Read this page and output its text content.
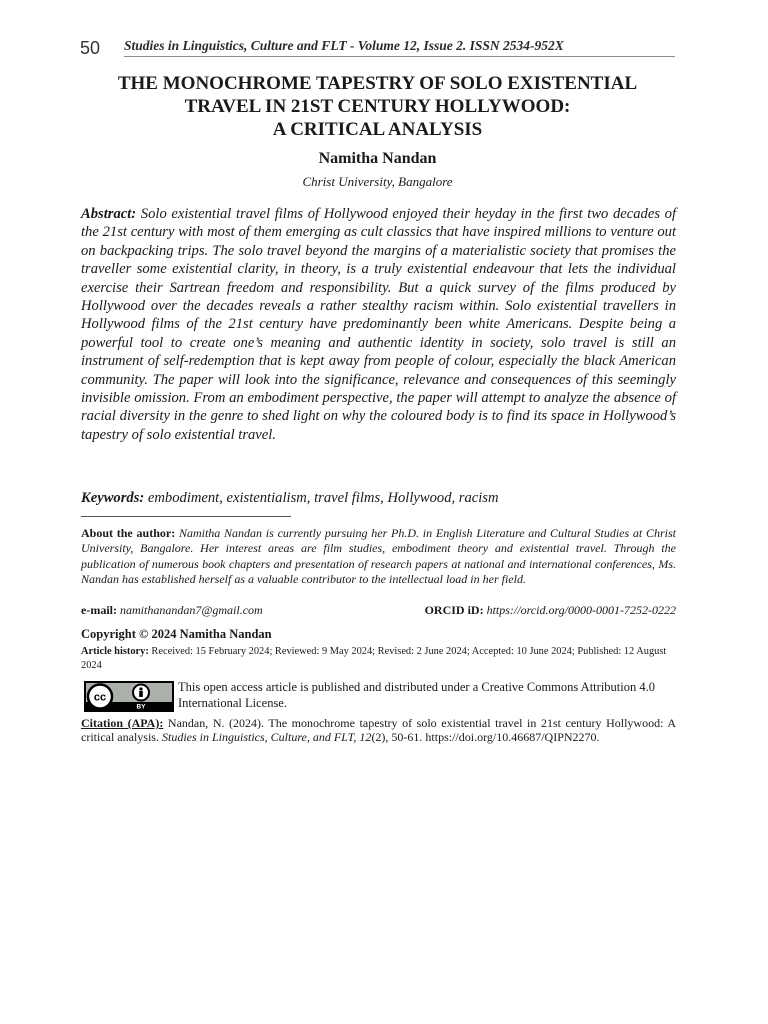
50 Studies in Linguistics, Culture and FLT - Volume 12, Issue 2. ISSN 2534-952X
THE MONOCHROME TAPESTRY OF SOLO EXISTENTIAL
TRAVEL IN 21ST CENTURY HOLLYWOOD:
A CRITICAL ANALYSIS
Namitha Nandan
Christ University, Bangalore
Abstract: Solo existential travel films of Hollywood enjoyed their heyday in the first two decades of the 21st century with most of them emerging as cult classics that have inspired millions to venture out on backpacking trips. The solo travel beyond the margins of a materialistic society that promises the traveller some existential clarity, in theory, is a truly existential endeavour that lets the individual exercise their Sartrean freedom and responsibility. But a quick survey of the films produced by Hollywood over the decades reveals a rather stealthy racism within. Solo existential travellers in Hollywood films of the 21st century have predominantly been white Americans. Despite being a powerful tool to create one’s meaning and authentic identity in society, solo travel is still an instrument of self-redemption that is kept away from people of colour, especially the black American community. The paper will look into the significance, relevance and consequences of this seemingly invisible omission. From an embodiment perspective, the paper will attempt to analyze the absence of racial diversity in the genre to shed light on why the coloured body is to find its space in Hollywood’s tapestry of solo existential travel.
Keywords: embodiment, existentialism, travel films, Hollywood, racism
About the author: Namitha Nandan is currently pursuing her Ph.D. in English Literature and Cultural Studies at Christ University, Bangalore. Her interest areas are film studies, embodiment theory and existential travel. Through the publication of numerous book chapters and presentation of research papers at national and international conferences, Ms. Nandan has established herself as a valuable contributor to the intellectual load in her field.
e-mail: namithanandan7@gmail.com	ORCID iD: https://orcid.org/0000-0001-7252-0222
Copyright © 2024 Namitha Nandan
Article history: Received: 15 February 2024; Reviewed: 9 May 2024; Revised: 2 June 2024; Accepted: 10 June 2024; Published: 12 August 2024
cc
BY
This open access article is published and distributed under a Creative Commons Attribution 4.0 International License.
Citation (APA): Nandan, N. (2024). The monochrome tapestry of solo existential travel in 21st century Hollywood: A critical analysis. Studies in Linguistics, Culture, and FLT, 12(2), 50-61. https://doi.org/10.46687/QIPN2270.
